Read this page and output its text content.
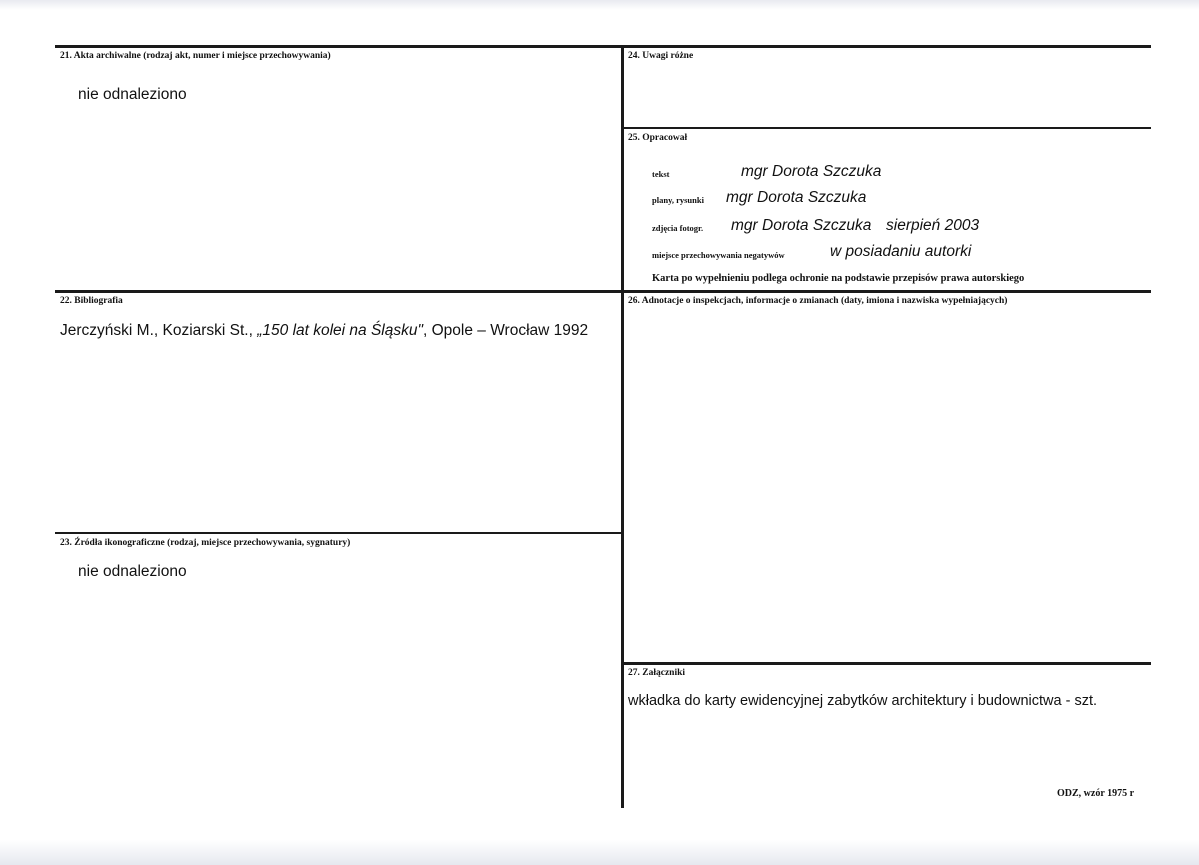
21. Akta archiwalne (rodzaj akt, numer i miejsce przechowywania)
nie odnaleziono
22. Bibliografia
Jerczyński M., Koziarski St., „150 lat kolei na Śląsku", Opole – Wrocław 1992
23. Źródła ikonograficzne (rodzaj, miejsce przechowywania, sygnatury)
nie odnaleziono
24. Uwagi różne
25. Opracował
tekst	mgr Dorota Szczuka
plany, rysunki mgr Dorota Szczuka
zdjęcia fotogr. mgr Dorota Szczuka sierpień 2003
miejsce przechowywania negatywów	w posiadaniu autorki
Karta po wypełnieniu podlega ochronie na podstawie przepisów prawa autorskiego
26. Adnotacje o inspekcjach, informacje o zmianach (daty, imiona i nazwiska wypełniających)
27. Załączniki
wkładka do karty ewidencyjnej zabytków architektury i budownictwa - szt.
ODZ, wzór 1975 r
